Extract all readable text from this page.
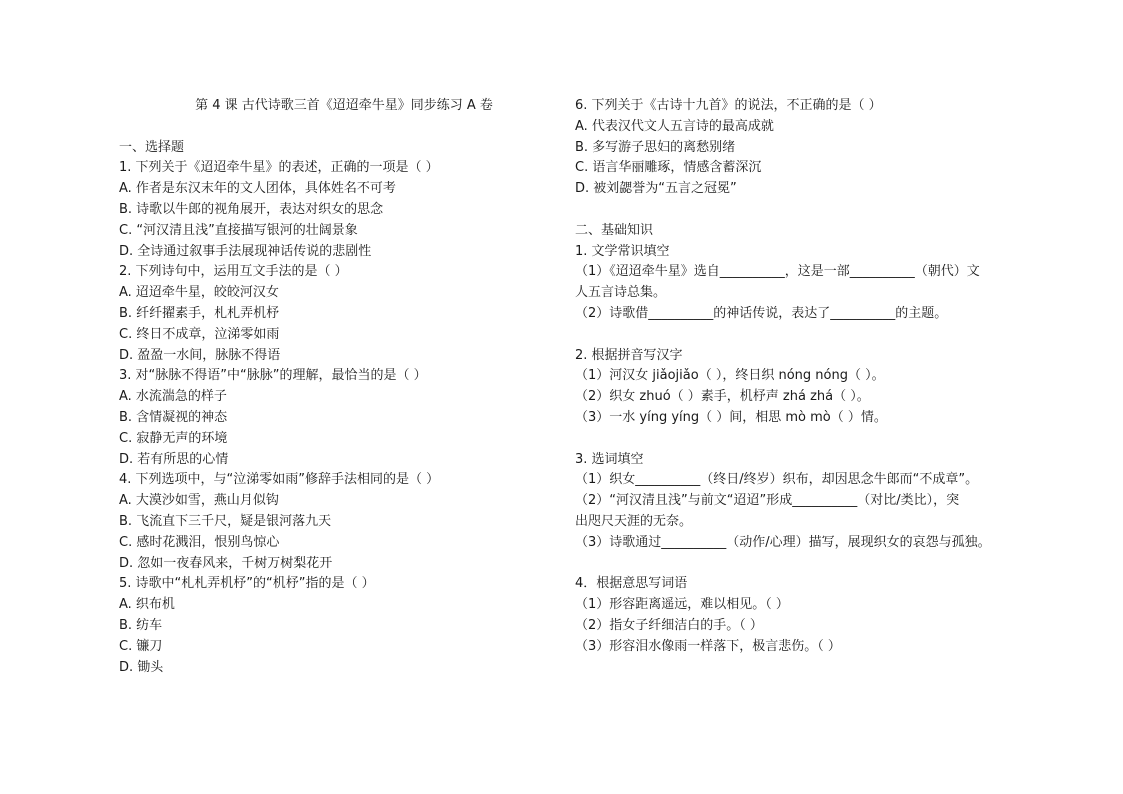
第 4 课 古代诗歌三首《迢迢牵牛星》同步练习 A 卷
一、选择题
1. 下列关于《迢迢牵牛星》的表述，正确的一项是（ ）
A. 作者是东汉末年的文人团体，具体姓名不可考
B. 诗歌以牛郎的视角展开，表达对织女的思念
C. “河汉清且浅”直接描写银河的壮阔景象
D. 全诗通过叙事手法展现神话传说的悲剧性
2. 下列诗句中，运用互文手法的是（ ）
A. 迢迢牵牛星，皎皎河汉女
B. 纤纤擢素手，札札弄机杼
C. 终日不成章，泣涕零如雨
D. 盈盈一水间，脉脉不得语
3. 对“脉脉不得语”中“脉脉”的理解，最恰当的是（ ）
A. 水流湍急的样子
B. 含情凝视的神态
C. 寂静无声的环境
D. 若有所思的心情
4. 下列选项中，与“泣涕零如雨”修辞手法相同的是（ ）
A. 大漠沙如雪，燕山月似钩
B. 飞流直下三千尺，疑是银河落九天
C. 感时花溅泪，恨别鸟惊心
D. 忽如一夜春风来，千树万树梨花开
5. 诗歌中“札札弄机杼”的“机杼”指的是（ ）
A. 织布机
B. 纺车
C. 镰刀
D. 锄头
6. 下列关于《古诗十九首》的说法，不正确的是（ ）
A. 代表汉代文人五言诗的最高成就
B. 多写游子思妇的离愁别绪
C. 语言华丽雕琢，情感含蓄深沉
D. 被刘勰誉为“五言之冠冕”
二、基础知识
1. 文学常识填空
（1）《迢迢牵牛星》选自__________，这是一部__________（朝代）文
人五言诗总集。
（2）诗歌借__________的神话传说，表达了__________的主题。
2. 根据拼音写汉字
（1）河汉女 jiǎojiǎo（ ），终日织 nóng nóng（ ）。
（2）织女 zhuó（ ）素手，机杼声 zhá zhá（ ）。
（3）一水 yíng yíng（ ）间，相思 mò mò（ ）情。
3. 选词填空
（1）织女__________（终日/终岁）织布，却因思念牛郎而“不成章”。
（2）“河汉清且浅”与前文“迢迢”形成__________（对比/类比），突
出咫尺天涯的无奈。
（3）诗歌通过__________（动作/心理）描写，展现织女的哀怨与孤独。
4．根据意思写词语
（1）形容距离遥远，难以相见。（ ）
（2）指女子纤细洁白的手。（ ）
（3）形容泪水像雨一样落下，极言悲伤。（ ）
